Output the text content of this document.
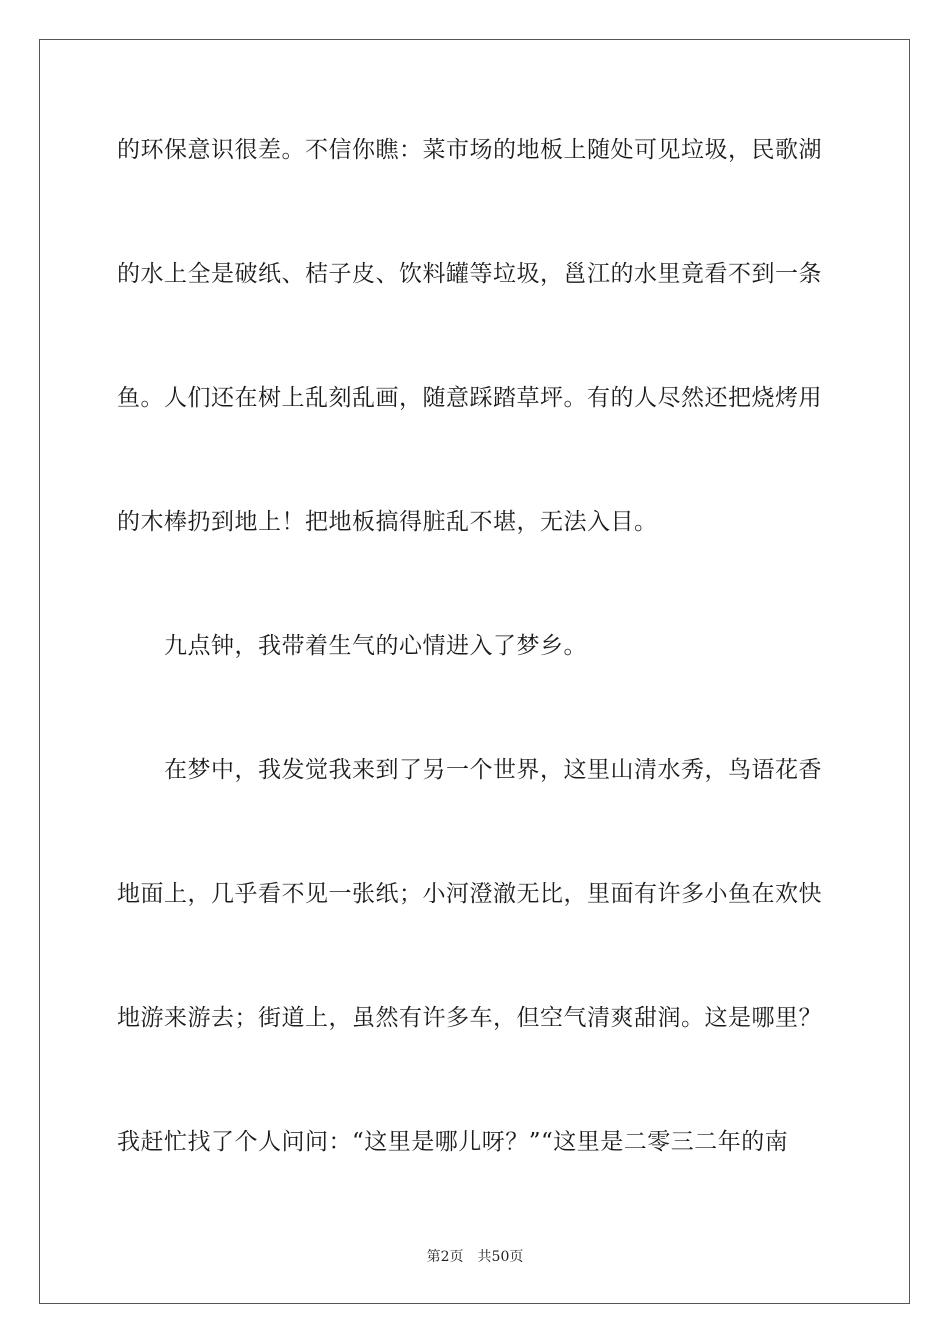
的环保意识很差。不信你瞧：菜市场的地板上随处可见垃圾，民歌湖
的水上全是破纸、桔子皮、饮料罐等垃圾，邕江的水里竟看不到一条
鱼。人们还在树上乱刻乱画，随意踩踏草坪。有的人尽然还把烧烤用
的木棒扔到地上！把地板搞得脏乱不堪，无法入目。
九点钟，我带着生气的心情进入了梦乡。
在梦中，我发觉我来到了另一个世界，这里山清水秀，鸟语花香
地面上，几乎看不见一张纸；小河澄澈无比，里面有许多小鱼在欢快
地游来游去；街道上，虽然有许多车，但空气清爽甜润。这是哪里？
我赶忙找了个人问问：“这里是哪儿呀？”“这里是二零三二年的南
第2页 共50页
